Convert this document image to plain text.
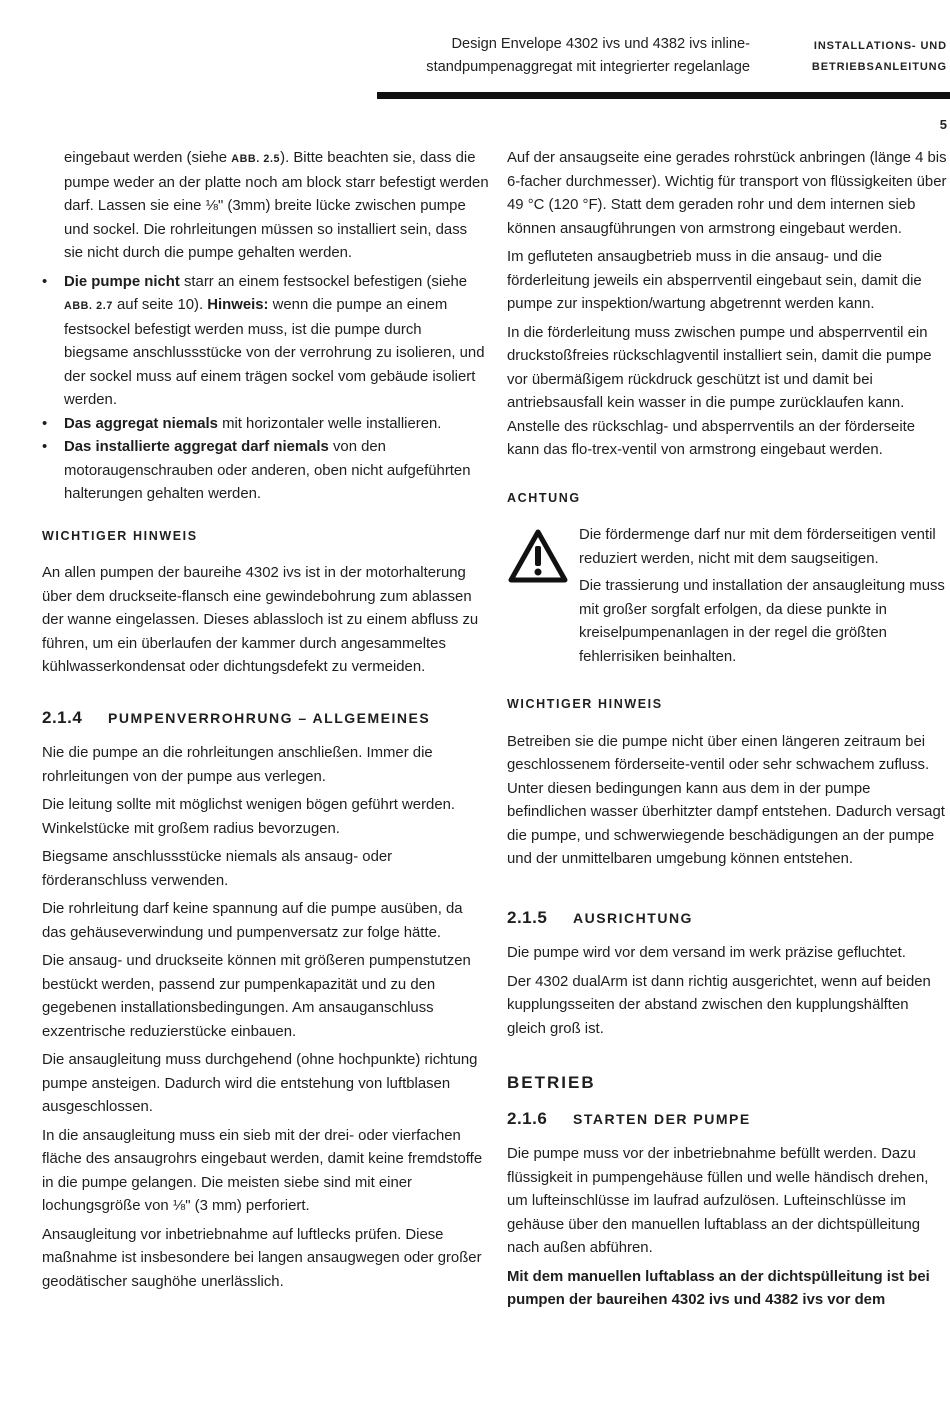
Design Envelope 4302 ivs und 4382 ivs inline-
standpumpenaggregat mit integrierter regelanlage
INSTALLATIONS- UND
BETRIEBSANLEITUNG
5

eingebaut werden (siehe ABB. 2.5). Bitte beachten sie, dass die pumpe weder an der platte noch am block starr befestigt werden darf. Lassen sie eine ⅛" (3mm) breite lücke zwischen pumpe und sockel. Die rohrleitungen müssen so installiert sein, dass sie nicht durch die pumpe gehalten werden.

• Die pumpe nicht starr an einem festsockel befestigen (siehe ABB. 2.7 auf seite 10). Hinweis: wenn die pumpe an einem festsockel befestigt werden muss, ist die pumpe durch biegsame anschlussstücke von der verrohrung zu isolieren, und der sockel muss auf einem trägen sockel vom gebäude isoliert werden.
• Das aggregat niemals mit horizontaler welle installieren.
• Das installierte aggregat darf niemals von den motoraugenschrauben oder anderen, oben nicht aufgeführten halterungen gehalten werden.
WICHTIGER HINWEIS

An allen pumpen der baureihe 4302 ivs ist in der motorhalterung über dem druckseite-flansch eine gewindebohrung zum ablassen der wanne eingelassen. Dieses ablassloch ist zu einem abfluss zu führen, um ein überlaufen der kammer durch angesammeltes kühlwasserkondensat oder dichtungsdefekt zu vermeiden.

2.1.4 PUMPENVERROHRUNG – ALLGEMEINES

Nie die pumpe an die rohrleitungen anschließen. Immer die rohrleitungen von der pumpe aus verlegen.

Die leitung sollte mit möglichst wenigen bögen geführt werden. Winkelstücke mit großem radius bevorzugen.

Biegsame anschlussstücke niemals als ansaug- oder förderanschluss verwenden.

Die rohrleitung darf keine spannung auf die pumpe ausüben, da das gehäuseverwindung und pumpenversatz zur folge hätte.

Die ansaug- und druckseite können mit größeren pumpenstutzen bestückt werden, passend zur pumpenkapazität und zu den gegebenen installationsbedingungen. Am ansauganschluss exzentrische reduzierstücke einbauen.

Die ansaugleitung muss durchgehend (ohne hochpunkte) richtung pumpe ansteigen. Dadurch wird die entstehung von luftblasen ausgeschlossen.

In die ansaugleitung muss ein sieb mit der drei- oder vierfachen fläche des ansaugrohrs eingebaut werden, damit keine fremdstoffe in die pumpe gelangen. Die meisten siebe sind mit einer lochungsgröße von ⅛" (3 mm) perforiert.

Ansaugleitung vor inbetriebnahme auf luftlecks prüfen. Diese maßnahme ist insbesondere bei langen ansaugwegen oder großer geodätischer saughöhe unerlässlich.

Auf der ansaugseite eine gerades rohrstück anbringen (länge 4 bis 6-facher durchmesser). Wichtig für transport von flüssigkeiten über 49 °C (120 °F). Statt dem geraden rohr und dem internen sieb können ansaugführungen von armstrong eingebaut werden.

Im gefluteten ansaugbetrieb muss in die ansaug- und die förderleitung jeweils ein absperrventil eingebaut sein, damit die pumpe zur inspektion/wartung abgetrennt werden kann.

In die förderleitung muss zwischen pumpe und absperrventil ein druckstoßfreies rückschlagventil installiert sein, damit die pumpe vor übermäßigem rückdruck geschützt ist und damit bei antriebsausfall kein wasser in die pumpe zurücklaufen kann. Anstelle des rückschlag- und absperrventils an der förderseite kann das flo-trex-ventil von armstrong eingebaut werden.

ACHTUNG

Die fördermenge darf nur mit dem förderseitigen ventil reduziert werden, nicht mit dem saugseitigen.

Die trassierung und installation der ansaugleitung muss mit großer sorgfalt erfolgen, da diese punkte in kreiselpumpenanlagen in der regel die größten fehlerrisiken beinhalten.

WICHTIGER HINWEIS

Betreiben sie die pumpe nicht über einen längeren zeitraum bei geschlossenem förderseite-ventil oder sehr schwachem zufluss. Unter diesen bedingungen kann aus dem in der pumpe befindlichen wasser überhitzter dampf entstehen. Dadurch versagt die pumpe, und schwerwiegende beschädigungen an der pumpe und der unmittelbaren umgebung können entstehen.

2.1.5 AUSRICHTUNG

Die pumpe wird vor dem versand im werk präzise gefluchtet.

Der 4302 dualArm ist dann richtig ausgerichtet, wenn auf beiden kupplungsseiten der abstand zwischen den kupplungshälften gleich groß ist.

BETRIEB
2.1.6 STARTEN DER PUMPE

Die pumpe muss vor der inbetriebnahme befüllt werden. Dazu flüssigkeit in pumpengehäuse füllen und welle händisch drehen, um lufteinschlüsse im laufrad aufzulösen. Lufteinschlüsse im gehäuse über den manuellen luftablass an der dichtspülleitung nach außen abführen.

Mit dem manuellen luftablass an der dichtspülleitung ist bei pumpen der baureihen 4302 ivs und 4382 ivs vor dem
